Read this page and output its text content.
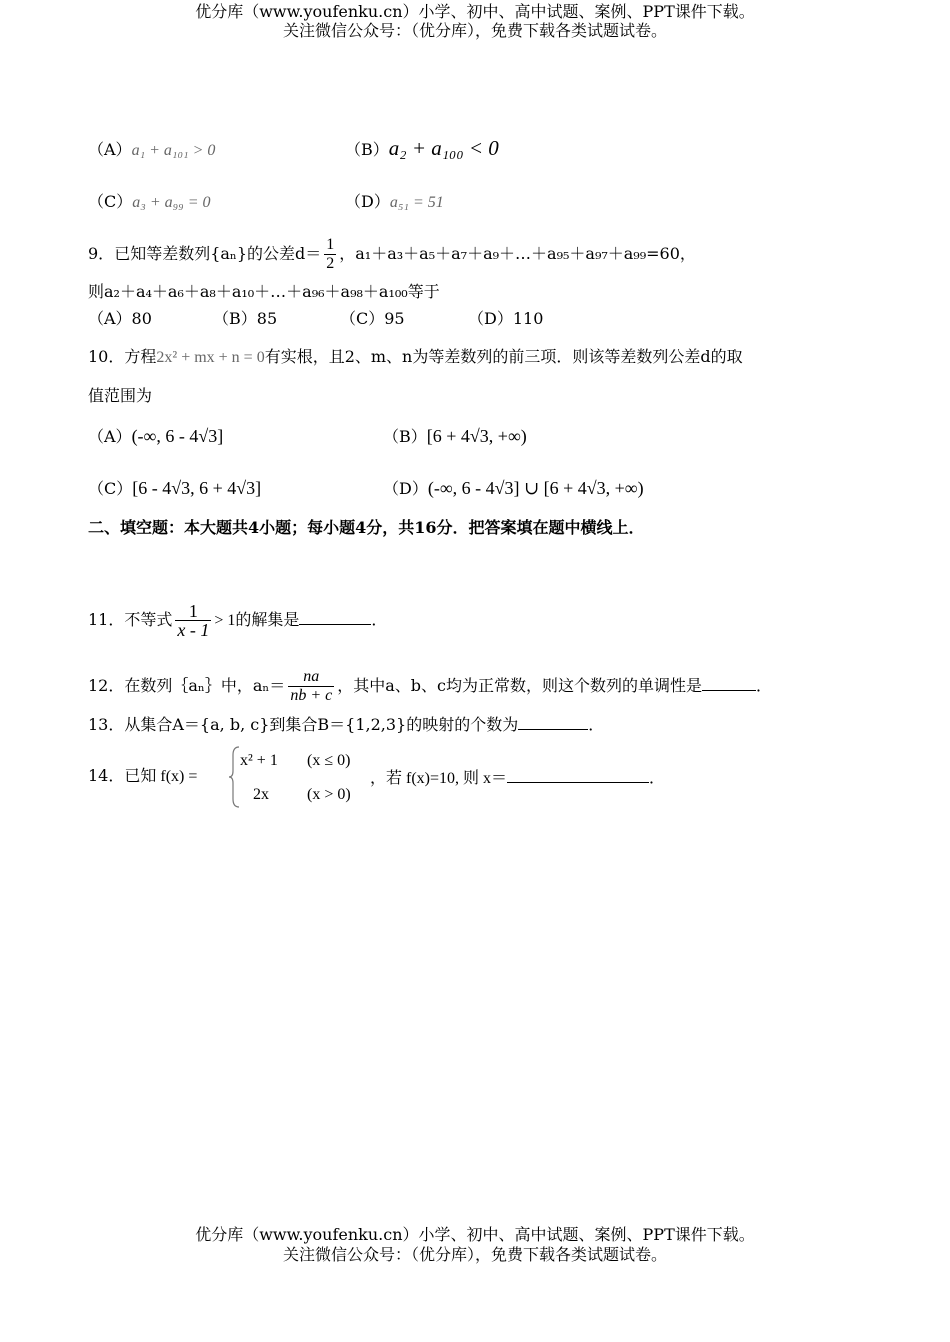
优分库（www.youfenku.cn）小学、初中、高中试题、案例、PPT课件下载。
关注微信公众号：（优分库），免费下载各类试题试卷。
（A）a₁ + a₁₀₁ > 0	（B）a₂ + a₁₀₀ < 0
（C）a₃ + a₉₉ = 0	（D）a₅₁ = 51
9．已知等差数列{aₙ}的公差$d= \frac{1}{2}$ ，a₁＋a₃＋a₅＋a₇＋a₉＋…＋a₉₅＋a₉₇＋a₉₉=60，
则a₂＋a₄＋a₆＋a₈＋a₁₀＋…＋a₉₆＋a₉₈＋a₁₀₀等于
（A）80	（B）85	（C）95	（D）110
10．方程2x² + mx + n = 0有实根，且2、m、n为等差数列的前三项．则该等差数列公差d的取
值范围为
（A）(-∞, 6 - 4√3]	（B）[6 + 4√3, +∞)
（C）[6 - 4√3, 6 + 4√3]	（D）(-∞, 6 - 4√3] ∪ [6 + 4√3, +∞)
二、填空题：本大题共4小题；每小题4分，共16分．把答案填在题中横线上．
11．不等式 $\frac{1}{x - 1} > 1$的解集是	．
12．在数列｛aₙ｝中，$a_n= \frac{na}{nb + c}$ ，其中a、b、c均为正常数，则这个数列的单调性是	．
13．从集合A＝{a, b, c}到集合B＝{1,2,3}的映射的个数为	．
14．已知 f(x) =
x² + 1 (x ≤ 0)
2x (x > 0)
，若 f(x)=10, 则 x＝	．
优分库（www.youfenku.cn）小学、初中、高中试题、案例、PPT课件下载。
关注微信公众号：（优分库），免费下载各类试题试卷。
